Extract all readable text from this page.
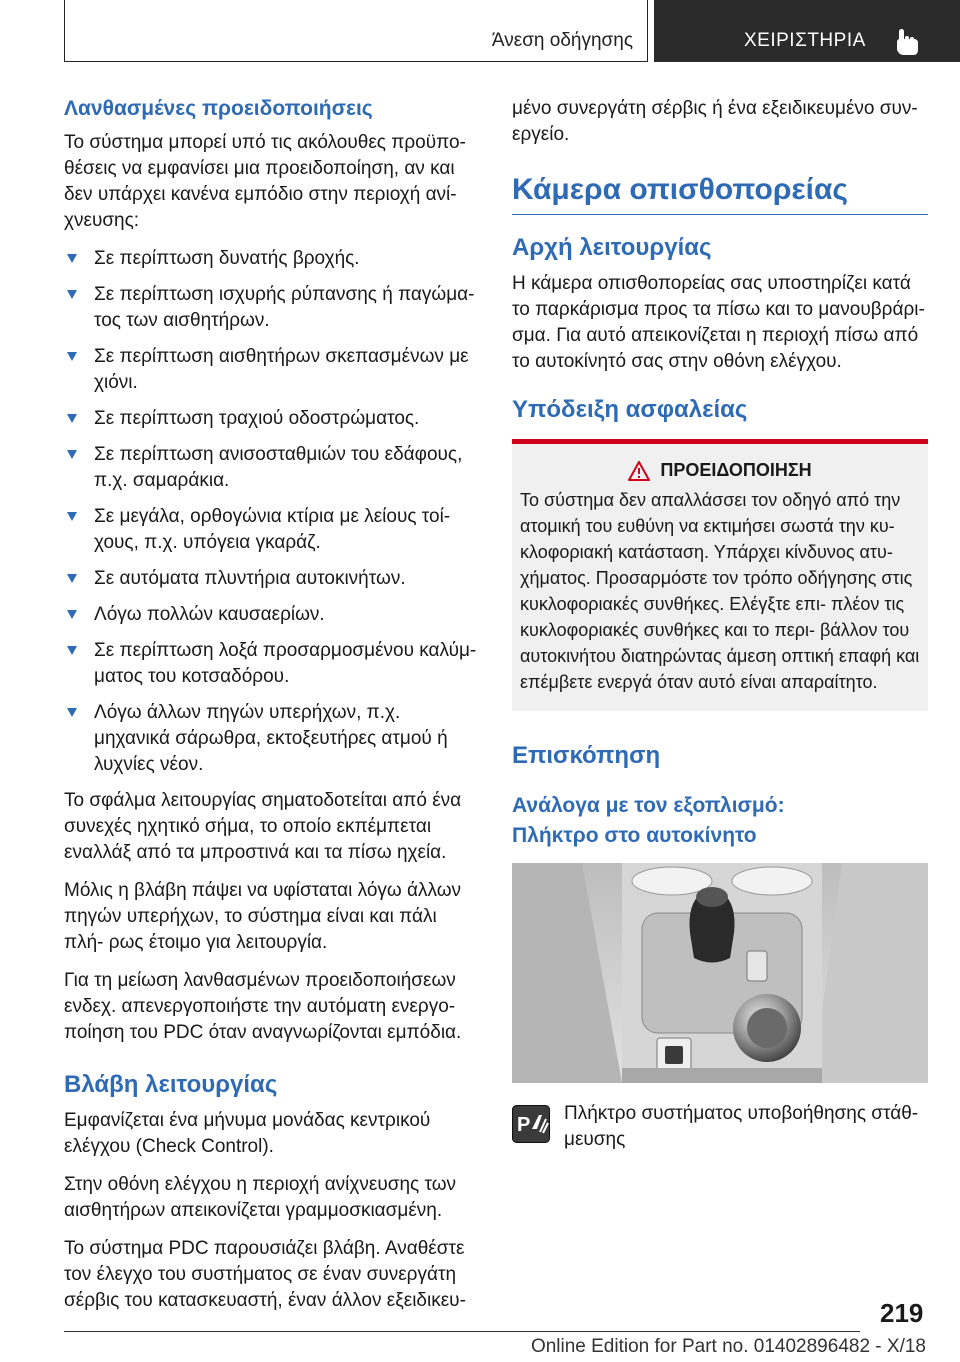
Άνεση οδήγησης	ΧΕΙΡΙΣΤΗΡΙΑ
Λανθασμένες προειδοποιήσεις

Το σύστημα μπορεί υπό τις ακόλουθες προϋπο- θέσεις να εμφανίσει μια προειδοποίηση, αν και δεν υπάρχει κανένα εμπόδιο στην περιοχή ανί- χνευσης:

Σε περίπτωση δυνατής βροχής.
Σε περίπτωση ισχυρής ρύπανσης ή παγώμα- τος των αισθητήρων.
Σε περίπτωση αισθητήρων σκεπασμένων με χιόνι.
Σε περίπτωση τραχιού οδοστρώματος.
Σε περίπτωση ανισοσταθμιών του εδάφους, π.χ. σαμαράκια.
Σε μεγάλα, ορθογώνια κτίρια με λείους τοί- χους, π.χ. υπόγεια γκαράζ.
Σε αυτόματα πλυντήρια αυτοκινήτων.
Λόγω πολλών καυσαερίων.
Σε περίπτωση λοξά προσαρμοσμένου καλύμ- ματος του κοτσαδόρου.
Λόγω άλλων πηγών υπερήχων, π.χ. μηχανικά σάρωθρα, εκτοξευτήρες ατμού ή λυχνίες νέον.

Το σφάλμα λειτουργίας σηματοδοτείται από ένα συνεχές ηχητικό σήμα, το οποίο εκπέμπεται εναλλάξ από τα μπροστινά και τα πίσω ηχεία.

Μόλις η βλάβη πάψει να υφίσταται λόγω άλλων πηγών υπερήχων, το σύστημα είναι και πάλι πλή- ρως έτοιμο για λειτουργία.

Για τη μείωση λανθασμένων προειδοποιήσεων ενδεχ. απενεργοποιήστε την αυτόματη ενεργο- ποίηση του PDC όταν αναγνωρίζονται εμπόδια.

Βλάβη λειτουργίας

Εμφανίζεται ένα μήνυμα μονάδας κεντρικού ελέγχου (Check Control).

Στην οθόνη ελέγχου η περιοχή ανίχνευσης των αισθητήρων απεικονίζεται γραμμοσκιασμένη.

Το σύστημα PDC παρουσιάζει βλάβη. Αναθέστε τον έλεγχο του συστήματος σε έναν συνεργάτη σέρβις του κατασκευαστή, έναν άλλον εξειδικευ-

μένο συνεργάτη σέρβις ή ένα εξειδικευμένο συν- εργείο.

Κάμερα οπισθοπορείας
Αρχή λειτουργίας

Η κάμερα οπισθοπορείας σας υποστηρίζει κατά το παρκάρισμα προς τα πίσω και το μανουβράρι- σμα. Για αυτό απεικονίζεται η περιοχή πίσω από το αυτοκίνητό σας στην οθόνη ελέγχου.

Υπόδειξη ασφαλείας
ΠΡΟΕΙΔΟΠΟΙΗΣΗ

Το σύστημα δεν απαλλάσσει τον οδηγό από την ατομική του ευθύνη να εκτιμήσει σωστά την κυ- κλοφοριακή κατάσταση. Υπάρχει κίνδυνος ατυ- χήματος. Προσαρμόστε τον τρόπο οδήγησης στις κυκλοφοριακές συνθήκες. Ελέγξτε επι- πλέον τις κυκλοφοριακές συνθήκες και το περι- βάλλον του αυτοκινήτου διατηρώντας άμεση οπτική επαφή και επέμβετε ενεργά όταν αυτό είναι απαραίτητο.

Επισκόπηση
Ανάλογα με τον εξοπλισμό:
Πλήκτρο στο αυτοκίνητο
P

Πλήκτρο συστήματος υποβοήθησης στάθ- μευσης

219
Online Edition for Part no. 01402896482 - X/18
